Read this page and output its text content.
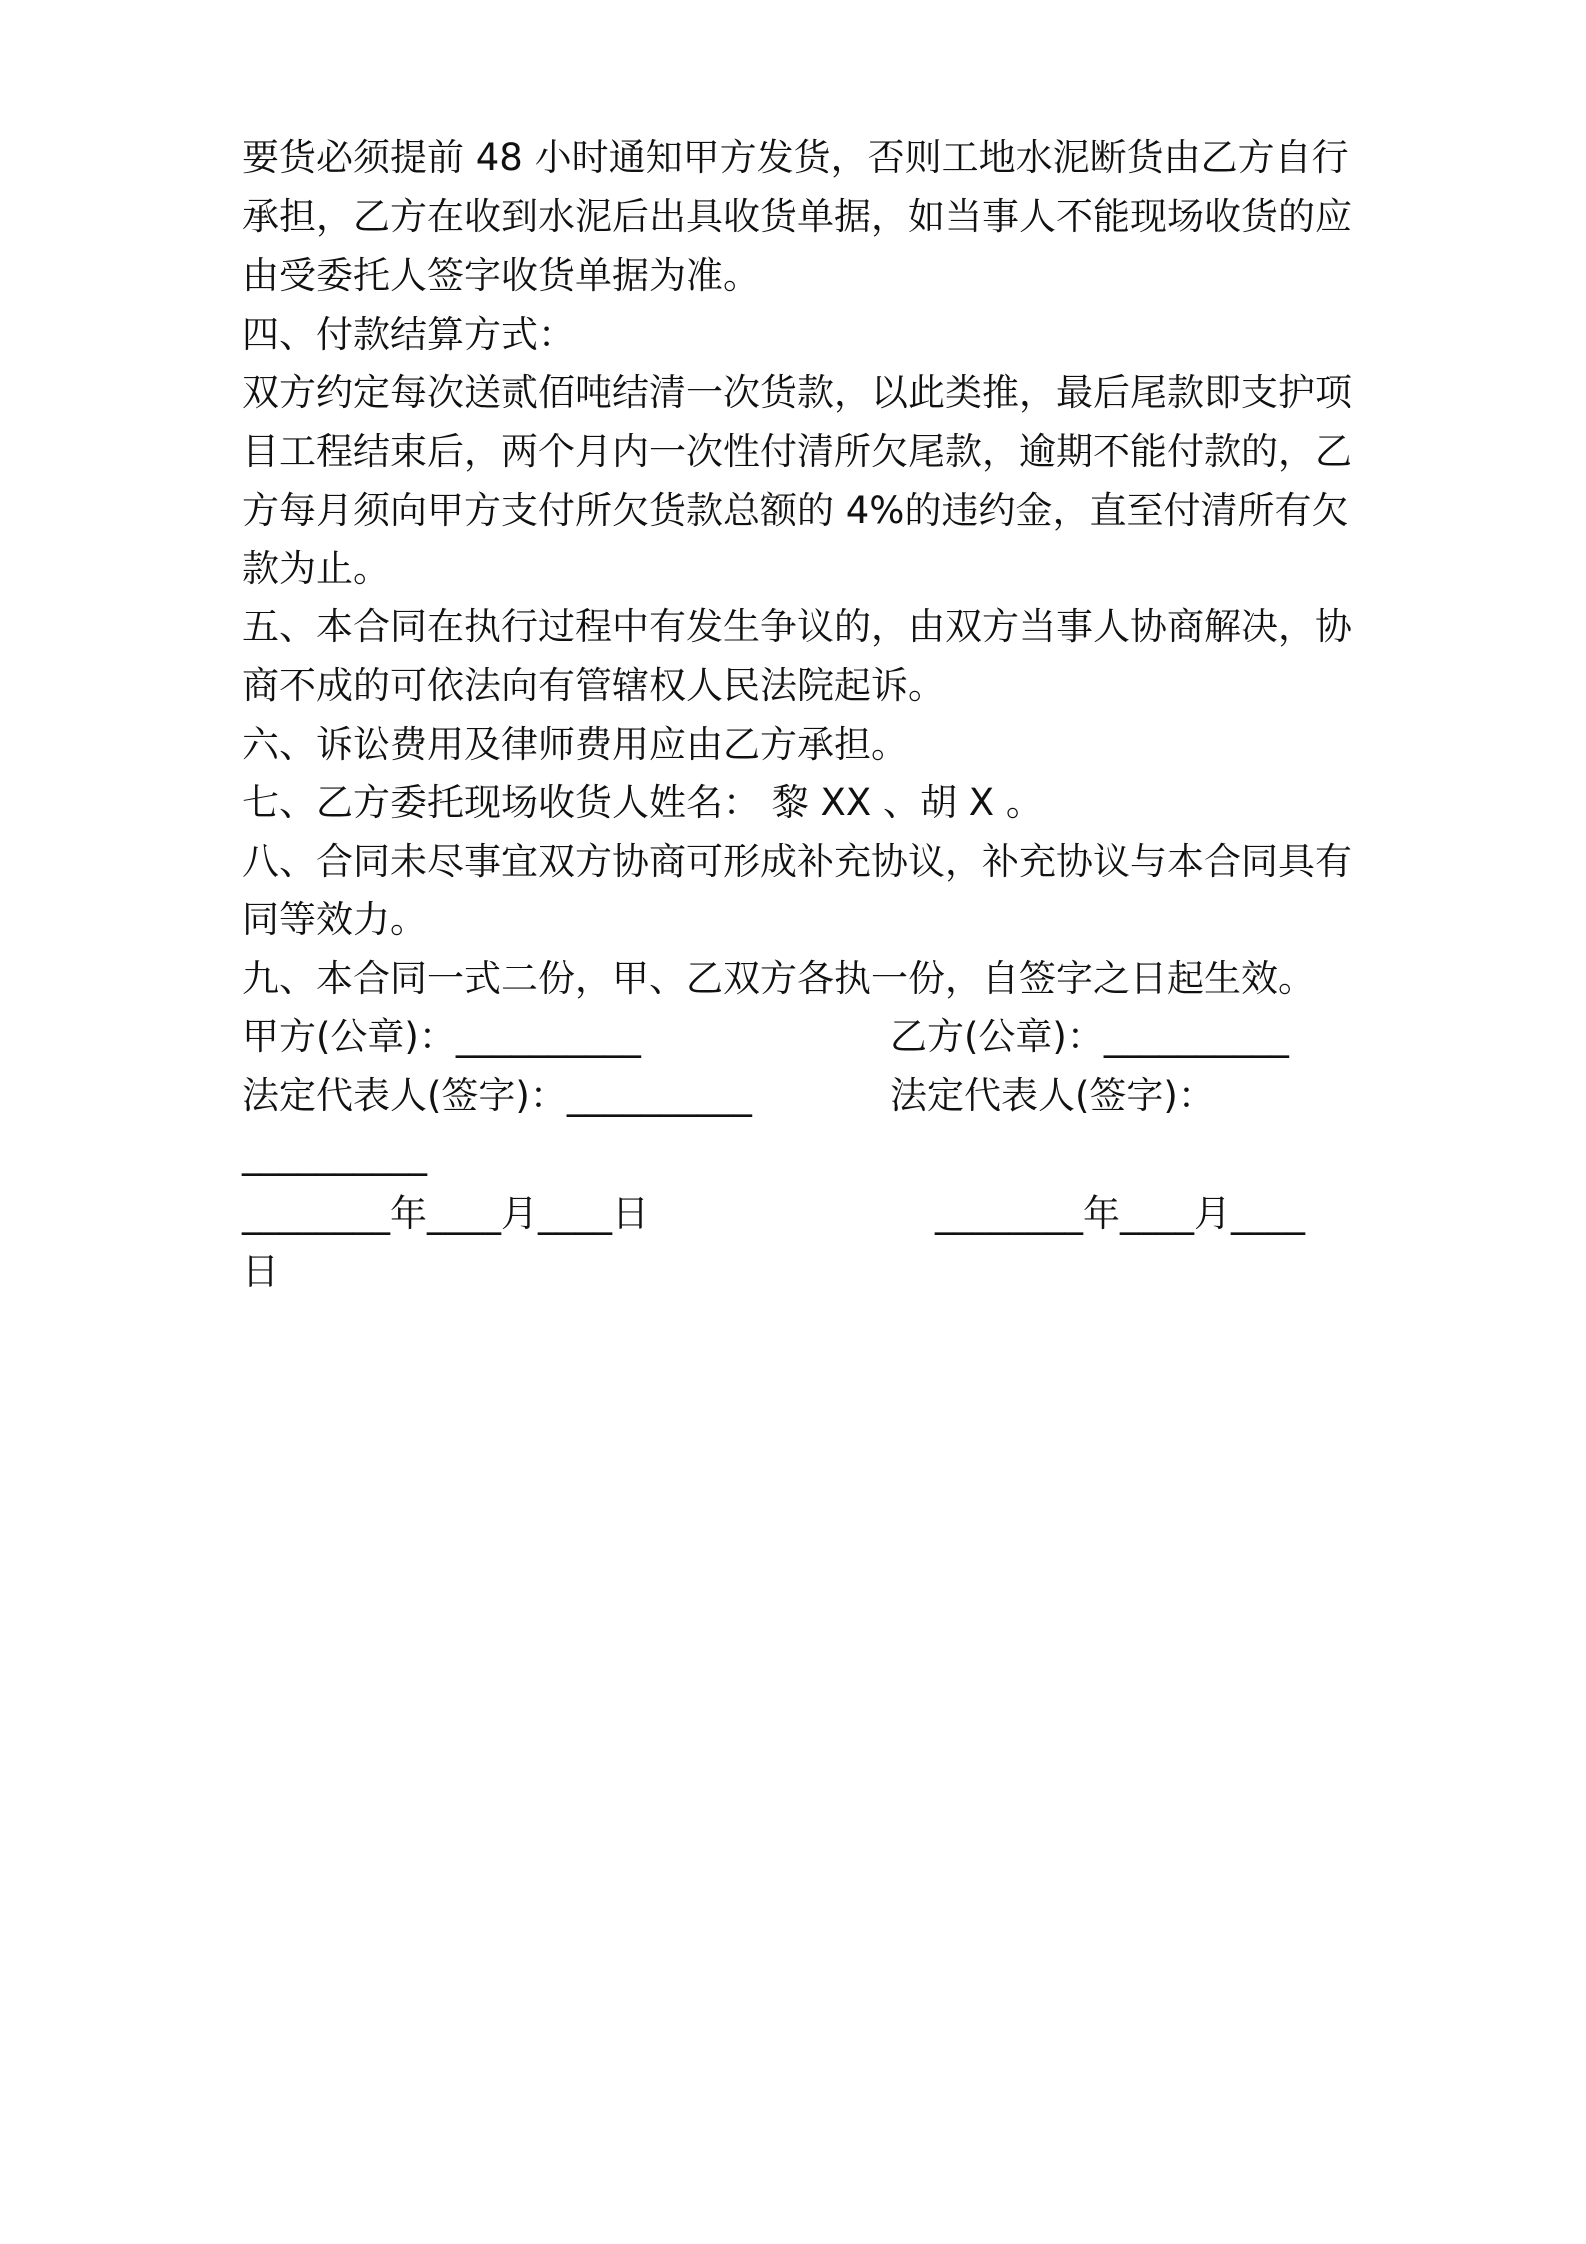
要货必须提前 48 小时通知甲方发货，否则工地水泥断货由乙方自行
承担，乙方在收到水泥后出具收货单据，如当事人不能现场收货的应
由受委托人签字收货单据为准。
四、付款结算方式：
双方约定每次送贰佰吨结清一次货款，以此类推，最后尾款即支护项
目工程结束后，两个月内一次性付清所欠尾款，逾期不能付款的，乙
方每月须向甲方支付所欠货款总额的 4%的违约金，直至付清所有欠
款为止。
五、本合同在执行过程中有发生争议的，由双方当事人协商解决，协
商不成的可依法向有管辖权人民法院起诉。
六、诉讼费用及律师费用应由乙方承担。
七、乙方委托现场收货人姓名： 黎 XX 、胡 X 。
八、合同未尽事宜双方协商可形成补充协议，补充协议与本合同具有
同等效力。
九、本合同一式二份，甲、乙双方各执一份，自签字之日起生效。
甲方(公章)：__________	乙方(公章)：__________
法定代表人(签字)：__________	法定代表人(签字)：
__________
________年____月____日	________年____月____
日
